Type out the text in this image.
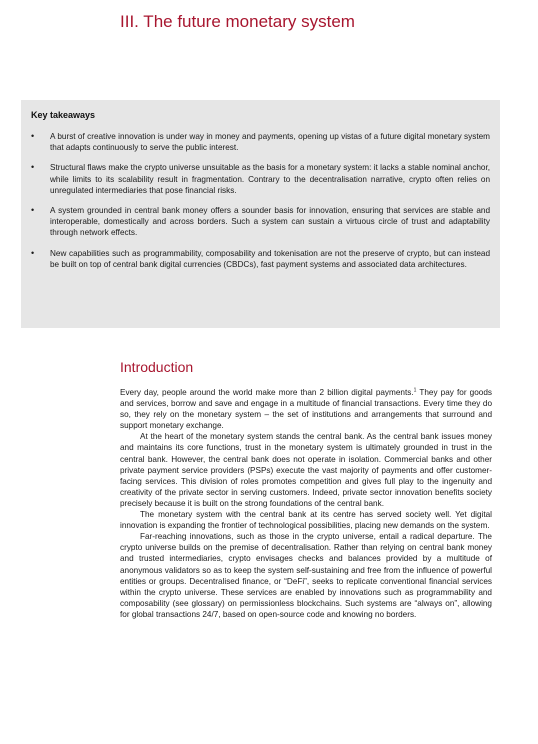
III. The future monetary system
Key takeaways
• A burst of creative innovation is under way in money and payments, opening up vistas of a future digital monetary system that adapts continuously to serve the public interest.
• Structural flaws make the crypto universe unsuitable as the basis for a monetary system: it lacks a stable nominal anchor, while limits to its scalability result in fragmentation. Contrary to the decentralisation narrative, crypto often relies on unregulated intermediaries that pose financial risks.
• A system grounded in central bank money offers a sounder basis for innovation, ensuring that services are stable and interoperable, domestically and across borders. Such a system can sustain a virtuous circle of trust and adaptability through network effects.
• New capabilities such as programmability, composability and tokenisation are not the preserve of crypto, but can instead be built on top of central bank digital currencies (CBDCs), fast payment systems and associated data architectures.
Introduction

Every day, people around the world make more than 2 billion digital payments.$^1$ They pay for goods and services, borrow and save and engage in a multitude of financial transactions. Every time they do so, they rely on the monetary system – the set of institutions and arrangements that surround and support monetary exchange.

At the heart of the monetary system stands the central bank. As the central bank issues money and maintains its core functions, trust in the monetary system is ultimately grounded in trust in the central bank. However, the central bank does not operate in isolation. Commercial banks and other private payment service providers (PSPs) execute the vast majority of payments and offer customer-facing services. This division of roles promotes competition and gives full play to the ingenuity and creativity of the private sector in serving customers. Indeed, private sector innovation benefits society precisely because it is built on the strong foundations of the central bank.

The monetary system with the central bank at its centre has served society well. Yet digital innovation is expanding the frontier of technological possibilities, placing new demands on the system.

Far-reaching innovations, such as those in the crypto universe, entail a radical departure. The crypto universe builds on the premise of decentralisation. Rather than relying on central bank money and trusted intermediaries, crypto envisages checks and balances provided by a multitude of anonymous validators so as to keep the system self-sustaining and free from the influence of powerful entities or groups. Decentralised finance, or “DeFi”, seeks to replicate conventional financial services within the crypto universe. These services are enabled by innovations such as programmability and composability (see glossary) on permissionless blockchains. Such systems are “always on”, allowing for global transactions 24/7, based on open-source code and knowing no borders.
